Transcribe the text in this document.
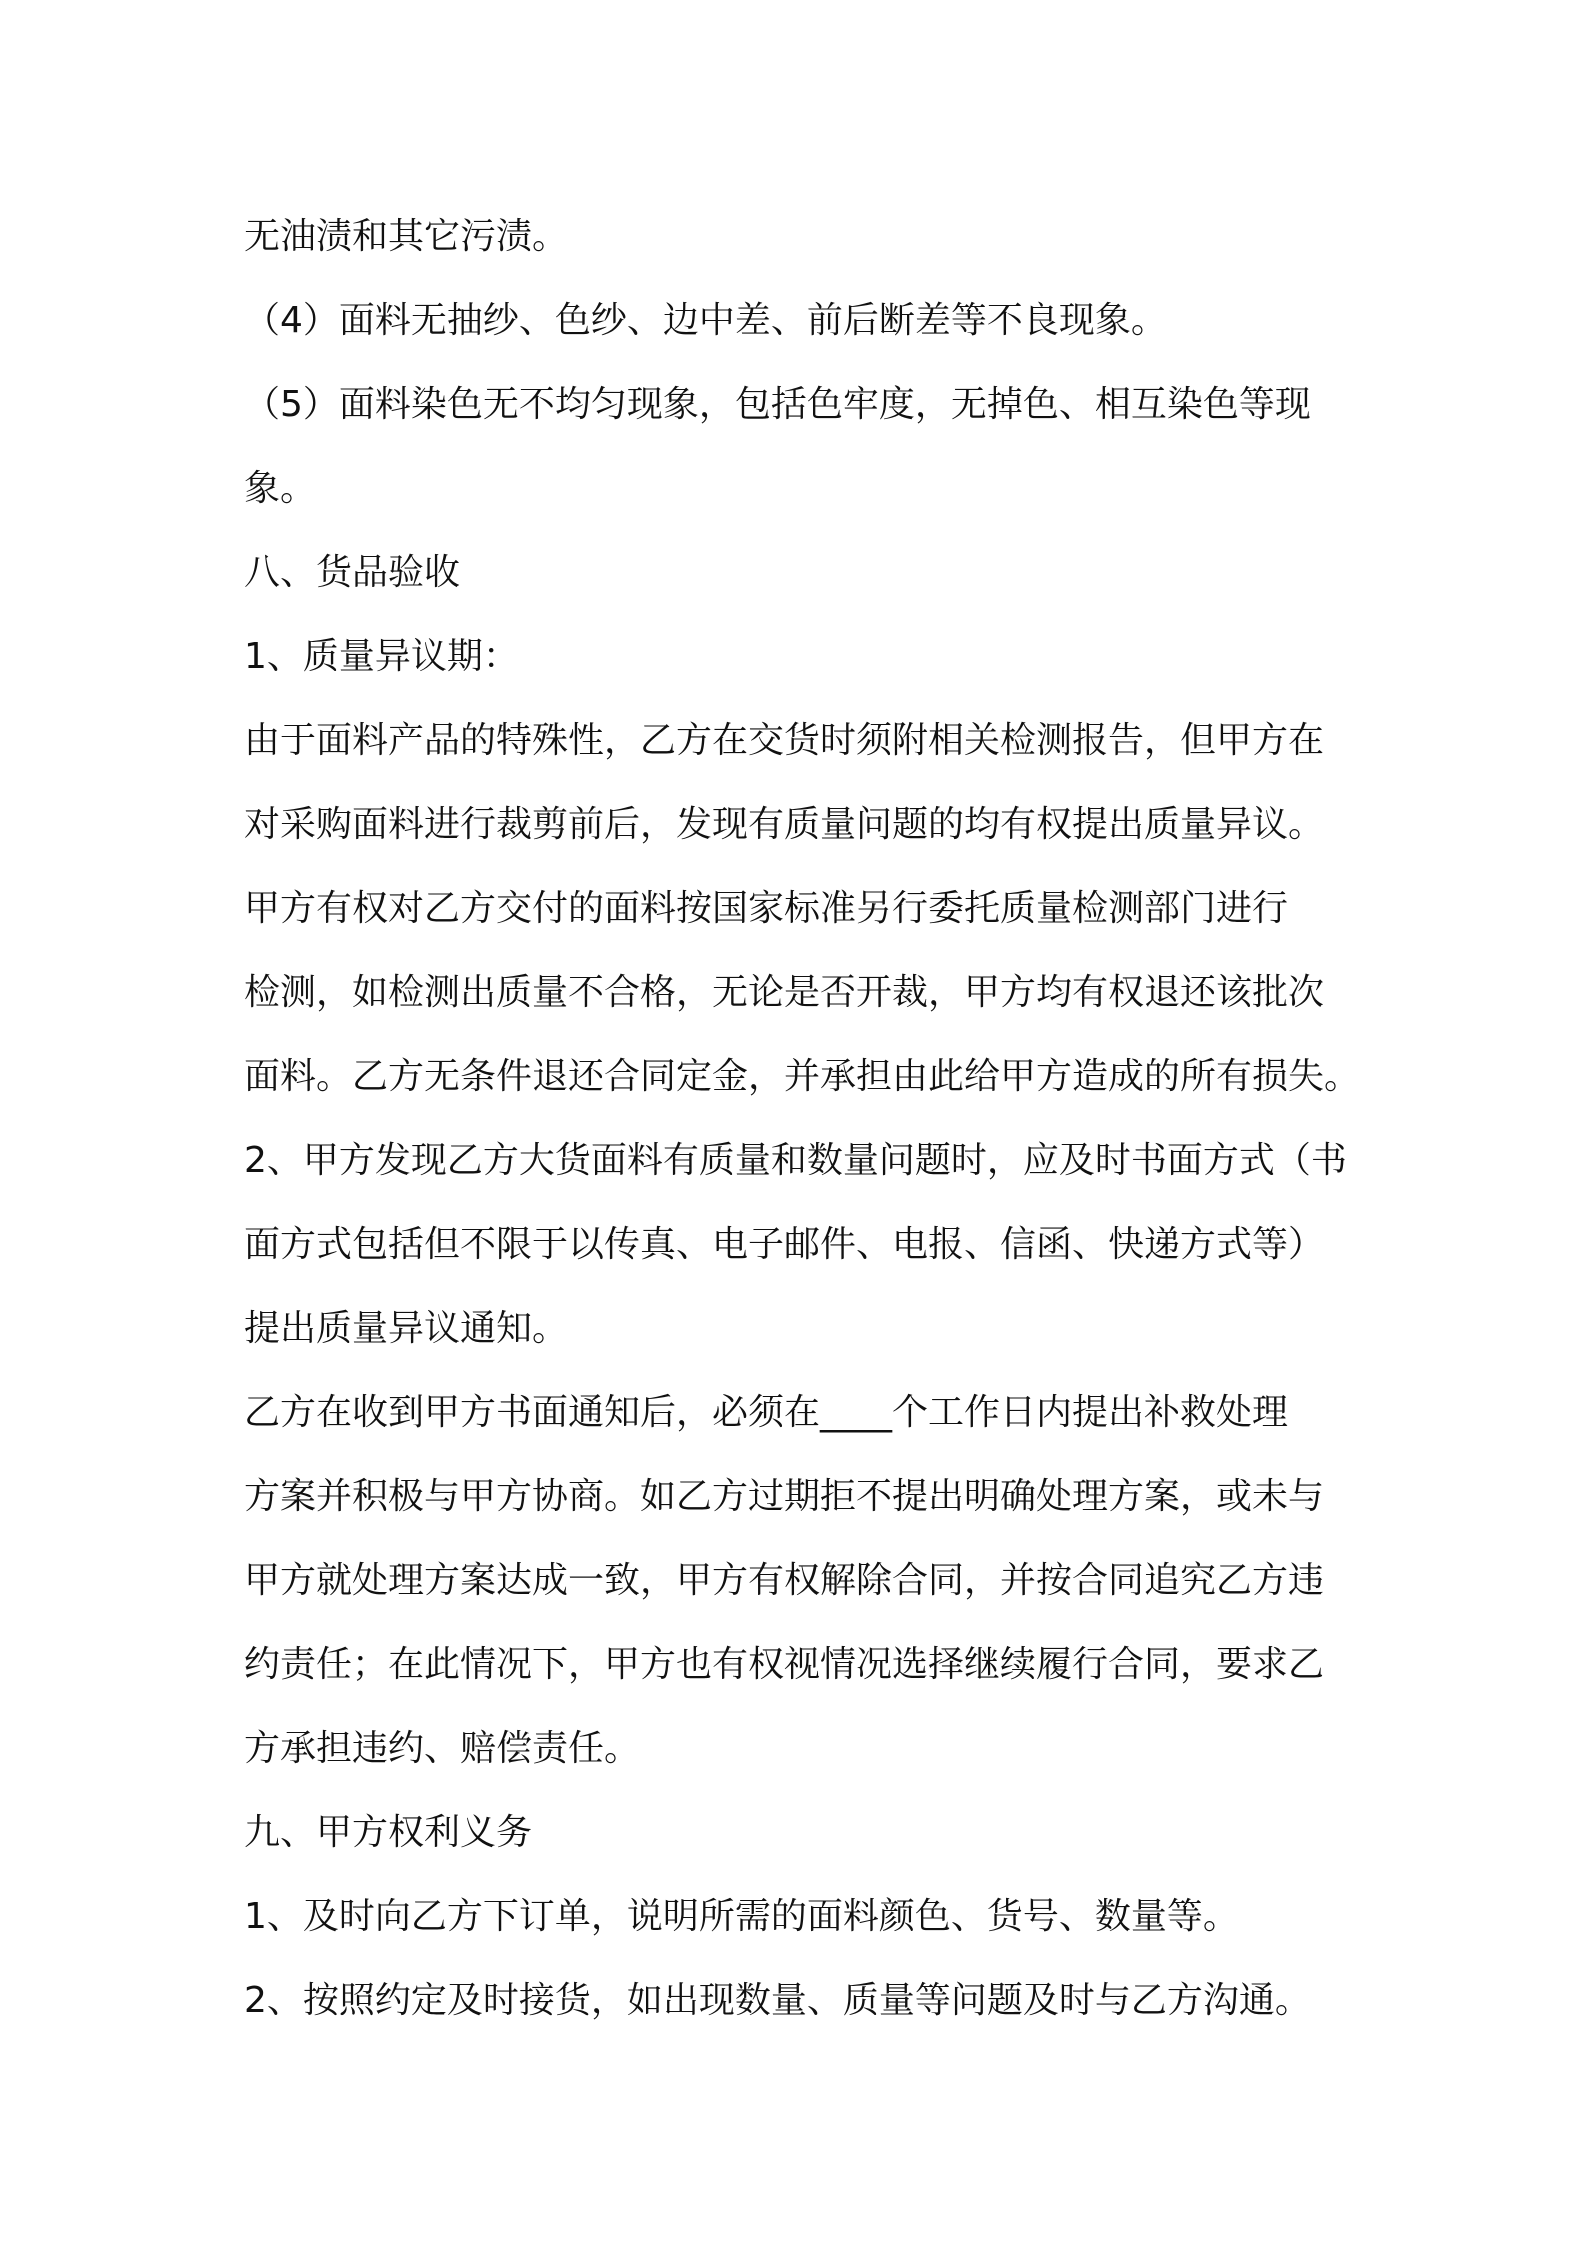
无油渍和其它污渍。

（4）面料无抽纱、色纱、边中差、前后断差等不良现象。

（5）面料染色无不均匀现象，包括色牢度，无掉色、相互染色等现

象。

八、货品验收

1、质量异议期：

由于面料产品的特殊性，乙方在交货时须附相关检测报告，但甲方在

对采购面料进行裁剪前后，发现有质量问题的均有权提出质量异议。

甲方有权对乙方交付的面料按国家标准另行委托质量检测部门进行

检测，如检测出质量不合格，无论是否开裁，甲方均有权退还该批次

面料。乙方无条件退还合同定金，并承担由此给甲方造成的所有损失。

2、甲方发现乙方大货面料有质量和数量问题时，应及时书面方式（书

面方式包括但不限于以传真、电子邮件、电报、信函、快递方式等）

提出质量异议通知。

乙方在收到甲方书面通知后，必须在____个工作日内提出补救处理

方案并积极与甲方协商。如乙方过期拒不提出明确处理方案，或未与

甲方就处理方案达成一致，甲方有权解除合同，并按合同追究乙方违

约责任；在此情况下，甲方也有权视情况选择继续履行合同，要求乙

方承担违约、赔偿责任。

九、甲方权利义务

1、及时向乙方下订单，说明所需的面料颜色、货号、数量等。

2、按照约定及时接货，如出现数量、质量等问题及时与乙方沟通。
